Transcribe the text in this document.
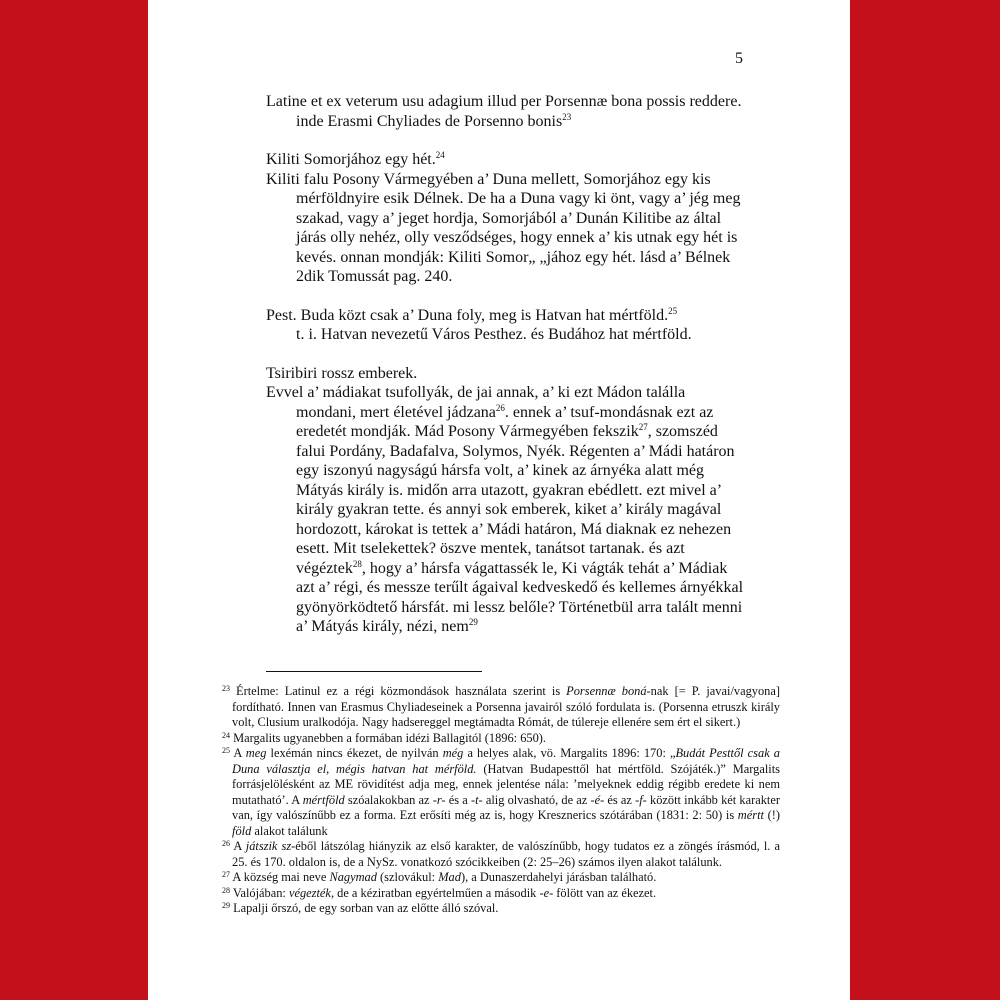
5

Latine et ex veterum usu adagium illud per Porsennæ bona possis reddere. inde Erasmi Chyliades de Porsenno bonis$^{23}$

Kiliti Somorjához egy hét.$^{24}$

Kiliti falu Posony Vármegyében a’ Duna mellett, Somorjához egy kis mérföldnyire esik Délnek. De ha a Duna vagy ki önt, vagy a’ jég meg szakad, vagy a’ jeget hordja, Somorjából a’ Dunán Kilitibe az által járás olly nehéz, olly vesződséges, hogy ennek a’ kis utnak egy hét is kevés. onnan mondják: Kiliti Somor„ „jához egy hét. lásd a’ Bélnek 2dik Tomussát pag. 240.

Pest. Buda közt csak a’ Duna foly, meg is Hatvan hat mértföld.$^{25}$

t. i. Hatvan nevezetű Város Pesthez. és Budához hat mértföld.

Tsiribiri rossz emberek.

Evvel a’ mádiakat tsufollyák, de jai annak, a’ ki ezt Mádon találla mondani, mert életével jádzana$^{26}$. ennek a’ tsuf-mondásnak ezt az eredetét mondják. Mád Posony Vármegyében fekszik$^{27}$, szomszéd falui Pordány, Badafalva, Solymos, Nyék. Régenten a’ Mádi határon egy iszonyú nagyságú hársfa volt, a’ kinek az árnyéka alatt még Mátyás király is. midőn arra utazott, gyakran ebédlett. ezt mivel a’ király gyakran tette. és annyi sok emberek, kiket a’ király magával hordozott, károkat is tettek a’ Mádi határon, Má diaknak ez nehezen esett. Mit tselekettek? öszve mentek, tanátsot tartanak. és azt végéztek$^{28}$, hogy a’ hársfa vágattassék le, Ki vágták tehát a’ Mádiak azt a’ régi, és messze terűlt ágaival kedveskedő és kellemes árnyékkal gyönyörködtető hársfát. mi lessz belőle? Történetbül arra talált menni a’ Mátyás király, nézi, nem$^{29}$

$^{23}$ Értelme: Latinul ez a régi közmondások használata szerint is Porsennæ boná-nak [= P. javai/vagyona] fordítható. Innen van Erasmus Chyliadeseinek a Porsenna javairól szóló fordulata is. (Porsenna etruszk király volt, Clusium uralkodója. Nagy hadsereggel megtámadta Rómát, de túlereje ellenére sem ért el sikert.)

$^{24}$ Margalits ugyanebben a formában idézi Ballagitól (1896: 650).

$^{25}$ A meg lexémán nincs ékezet, de nyilván még a helyes alak, vö. Margalits 1896: 170: „Budát Pesttől csak a Duna választja el, mégis hatvan hat mérföld. (Hatvan Budapesttől hat mértföld. Szójáték.)” Margalits forrásjelölésként az ME rövidítést adja meg, ennek jelentése nála: ’melyeknek eddig régibb eredete ki nem mutatható’. A mértföld szóalakokban az -r- és a -t- alig olvasható, de az -é- és az -f- között inkább két karakter van, így valószínűbb ez a forma. Ezt erősíti még az is, hogy Kresznerics szótárában (1831: 2: 50) is mértt (!) föld alakot találunk

$^{26}$ A játszik sz-éből látszólag hiányzik az első karakter, de valószínűbb, hogy tudatos ez a zöngés írásmód, l. a 25. és 170. oldalon is, de a NySz. vonatkozó szócikkeiben (2: 25–26) számos ilyen alakot találunk.

$^{27}$ A község mai neve Nagymad (szlovákul: Mad), a Dunaszerdahelyi járásban található.

$^{28}$ Valójában: végezték, de a kéziratban egyértelműen a második -e- fölött van az ékezet.

$^{29}$ Lapalji őrszó, de egy sorban van az előtte álló szóval.
